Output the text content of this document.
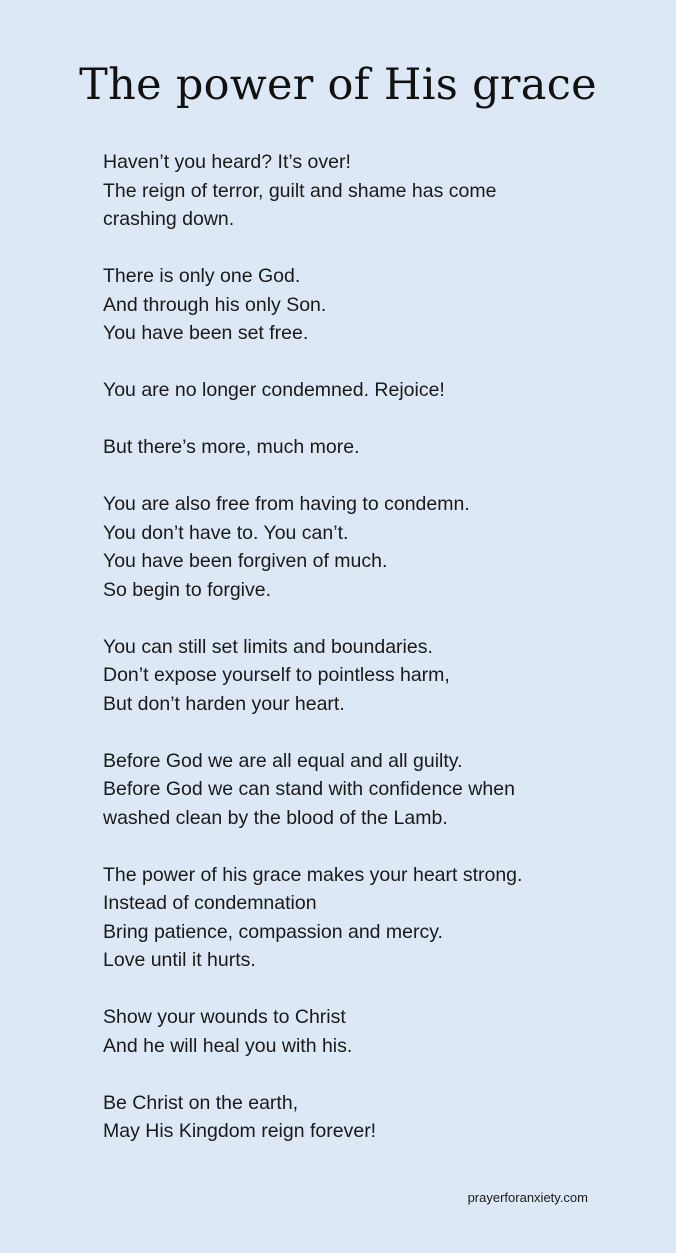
The power of His grace
Haven’t you heard? It’s over!
The reign of terror, guilt and shame has come
crashing down.
There is only one God.
And through his only Son.
You have been set free.
You are no longer condemned. Rejoice!
But there’s more, much more.
You are also free from having to condemn.
You don’t have to. You can’t.
You have been forgiven of much.
So begin to forgive.
You can still set limits and boundaries.
Don’t expose yourself to pointless harm,
But don’t harden your heart.
Before God we are all equal and all guilty.
Before God we can stand with confidence when
washed clean by the blood of the Lamb.
The power of his grace makes your heart strong.
Instead of condemnation
Bring patience, compassion and mercy.
Love until it hurts.
Show your wounds to Christ
And he will heal you with his.
Be Christ on the earth,
May His Kingdom reign forever!
prayerforanxiety.com
